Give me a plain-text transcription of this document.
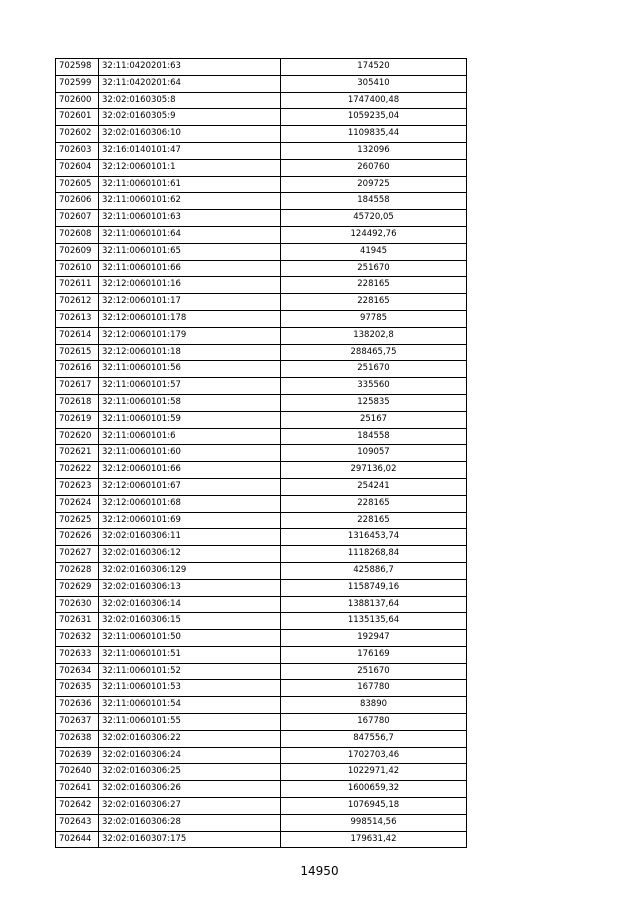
702598	32:11:0420201:63	174520
702599	32:11:0420201:64	305410
702600	32:02:0160305:8	1747400,48
702601	32:02:0160305:9	1059235,04
702602	32:02:0160306:10	1109835,44
702603	32:16:0140101:47	132096
702604	32:12:0060101:1	260760
702605	32:11:0060101:61	209725
702606	32:11:0060101:62	184558
702607	32:11:0060101:63	45720,05
702608	32:11:0060101:64	124492,76
702609	32:11:0060101:65	41945
702610	32:11:0060101:66	251670
702611	32:12:0060101:16	228165
702612	32:12:0060101:17	228165
702613	32:12:0060101:178	97785
702614	32:12:0060101:179	138202,8
702615	32:12:0060101:18	288465,75
702616	32:11:0060101:56	251670
702617	32:11:0060101:57	335560
702618	32:11:0060101:58	125835
702619	32:11:0060101:59	25167
702620	32:11:0060101:6	184558
702621	32:11:0060101:60	109057
702622	32:12:0060101:66	297136,02
702623	32:12:0060101:67	254241
702624	32:12:0060101:68	228165
702625	32:12:0060101:69	228165
702626	32:02:0160306:11	1316453,74
702627	32:02:0160306:12	1118268,84
702628	32:02:0160306:129	425886,7
702629	32:02:0160306:13	1158749,16
702630	32:02:0160306:14	1388137,64
702631	32:02:0160306:15	1135135,64
702632	32:11:0060101:50	192947
702633	32:11:0060101:51	176169
702634	32:11:0060101:52	251670
702635	32:11:0060101:53	167780
702636	32:11:0060101:54	83890
702637	32:11:0060101:55	167780
702638	32:02:0160306:22	847556,7
702639	32:02:0160306:24	1702703,46
702640	32:02:0160306:25	1022971,42
702641	32:02:0160306:26	1600659,32
702642	32:02:0160306:27	1076945,18
702643	32:02:0160306:28	998514,56
702644	32:02:0160307:175	179631,42
14950
